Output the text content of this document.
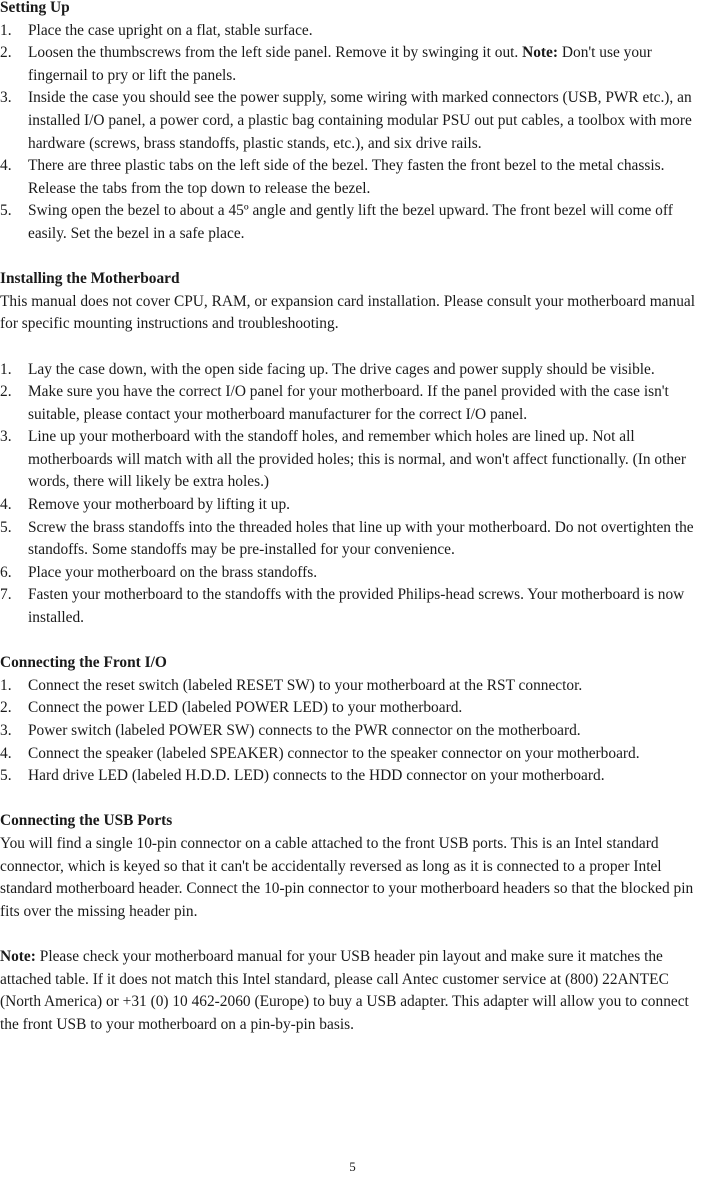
Setting Up

1. Place the case upright on a flat, stable surface.
2. Loosen the thumbscrews from the left side panel. Remove it by swinging it out. Note: Don't use your fingernail to pry or lift the panels.
3. Inside the case you should see the power supply, some wiring with marked connectors (USB, PWR etc.), an installed I/O panel, a power cord, a plastic bag containing modular PSU out put cables, a toolbox with more hardware (screws, brass standoffs, plastic stands, etc.), and six drive rails.
4. There are three plastic tabs on the left side of the bezel. They fasten the front bezel to the metal chassis. Release the tabs from the top down to release the bezel.
5. Swing open the bezel to about a 45º angle and gently lift the bezel upward. The front bezel will come off easily. Set the bezel in a safe place.

Installing the Motherboard

This manual does not cover CPU, RAM, or expansion card installation. Please consult your motherboard manual for specific mounting instructions and troubleshooting.

1. Lay the case down, with the open side facing up. The drive cages and power supply should be visible.
2. Make sure you have the correct I/O panel for your motherboard. If the panel provided with the case isn't suitable, please contact your motherboard manufacturer for the correct I/O panel.
3. Line up your motherboard with the standoff holes, and remember which holes are lined up. Not all motherboards will match with all the provided holes; this is normal, and won't affect functionally. (In other words, there will likely be extra holes.)
4. Remove your motherboard by lifting it up.
5. Screw the brass standoffs into the threaded holes that line up with your motherboard. Do not overtighten the standoffs. Some standoffs may be pre-installed for your convenience.
6. Place your motherboard on the brass standoffs.
7. Fasten your motherboard to the standoffs with the provided Philips-head screws. Your motherboard is now installed.

Connecting the Front I/O

1. Connect the reset switch (labeled RESET SW) to your motherboard at the RST connector.
2. Connect the power LED (labeled POWER LED) to your motherboard.
3. Power switch (labeled POWER SW) connects to the PWR connector on the motherboard.
4. Connect the speaker (labeled SPEAKER) connector to the speaker connector on your motherboard.
5. Hard drive LED (labeled H.D.D. LED) connects to the HDD connector on your motherboard.

Connecting the USB Ports

You will find a single 10-pin connector on a cable attached to the front USB ports. This is an Intel standard connector, which is keyed so that it can't be accidentally reversed as long as it is connected to a proper Intel standard motherboard header. Connect the 10-pin connector to your motherboard headers so that the blocked pin fits over the missing header pin.

Note: Please check your motherboard manual for your USB header pin layout and make sure it matches the attached table. If it does not match this Intel standard, please call Antec customer service at (800) 22ANTEC (North America) or +31 (0) 10 462-2060 (Europe) to buy a USB adapter. This adapter will allow you to connect the front USB to your motherboard on a pin-by-pin basis.

5
